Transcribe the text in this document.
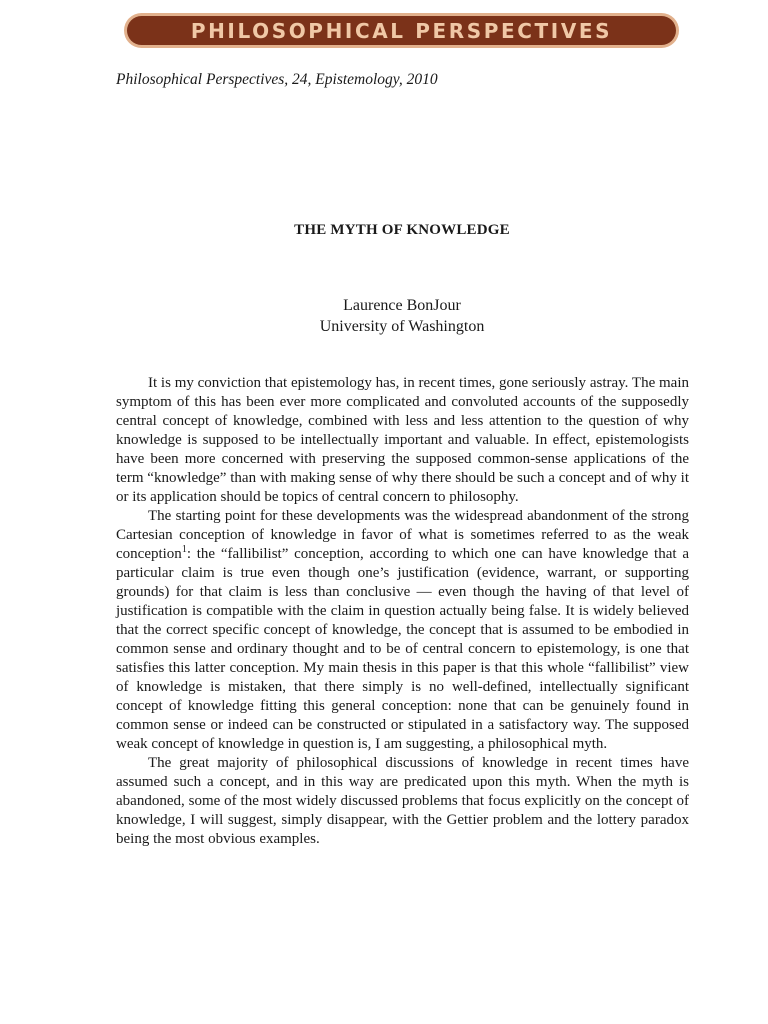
PHILOSOPHICAL PERSPECTIVES
Philosophical Perspectives, 24, Epistemology, 2010
THE MYTH OF KNOWLEDGE
Laurence BonJour
University of Washington

It is my conviction that epistemology has, in recent times, gone seriously astray. The main symptom of this has been ever more complicated and convoluted accounts of the supposedly central concept of knowledge, combined with less and less attention to the question of why knowledge is supposed to be intellectually important and valuable. In effect, epistemologists have been more concerned with preserving the supposed common-sense applications of the term “knowledge” than with making sense of why there should be such a concept and of why it or its application should be topics of central concern to philosophy.

The starting point for these developments was the widespread abandonment of the strong Cartesian conception of knowledge in favor of what is sometimes referred to as the weak conception$^1$: the “fallibilist” conception, according to which one can have knowledge that a particular claim is true even though one’s justification (evidence, warrant, or supporting grounds) for that claim is less than conclusive — even though the having of that level of justification is compatible with the claim in question actually being false. It is widely believed that the correct specific concept of knowledge, the concept that is assumed to be embodied in common sense and ordinary thought and to be of central concern to epistemology, is one that satisfies this latter conception. My main thesis in this paper is that this whole “fallibilist” view of knowledge is mistaken, that there simply is no well-defined, intellectually significant concept of knowledge fitting this general conception: none that can be genuinely found in common sense or indeed can be constructed or stipulated in a satisfactory way. The supposed weak concept of knowledge in question is, I am suggesting, a philosophical myth.

The great majority of philosophical discussions of knowledge in recent times have assumed such a concept, and in this way are predicated upon this myth. When the myth is abandoned, some of the most widely discussed problems that focus explicitly on the concept of knowledge, I will suggest, simply disappear, with the Gettier problem and the lottery paradox being the most obvious examples.
